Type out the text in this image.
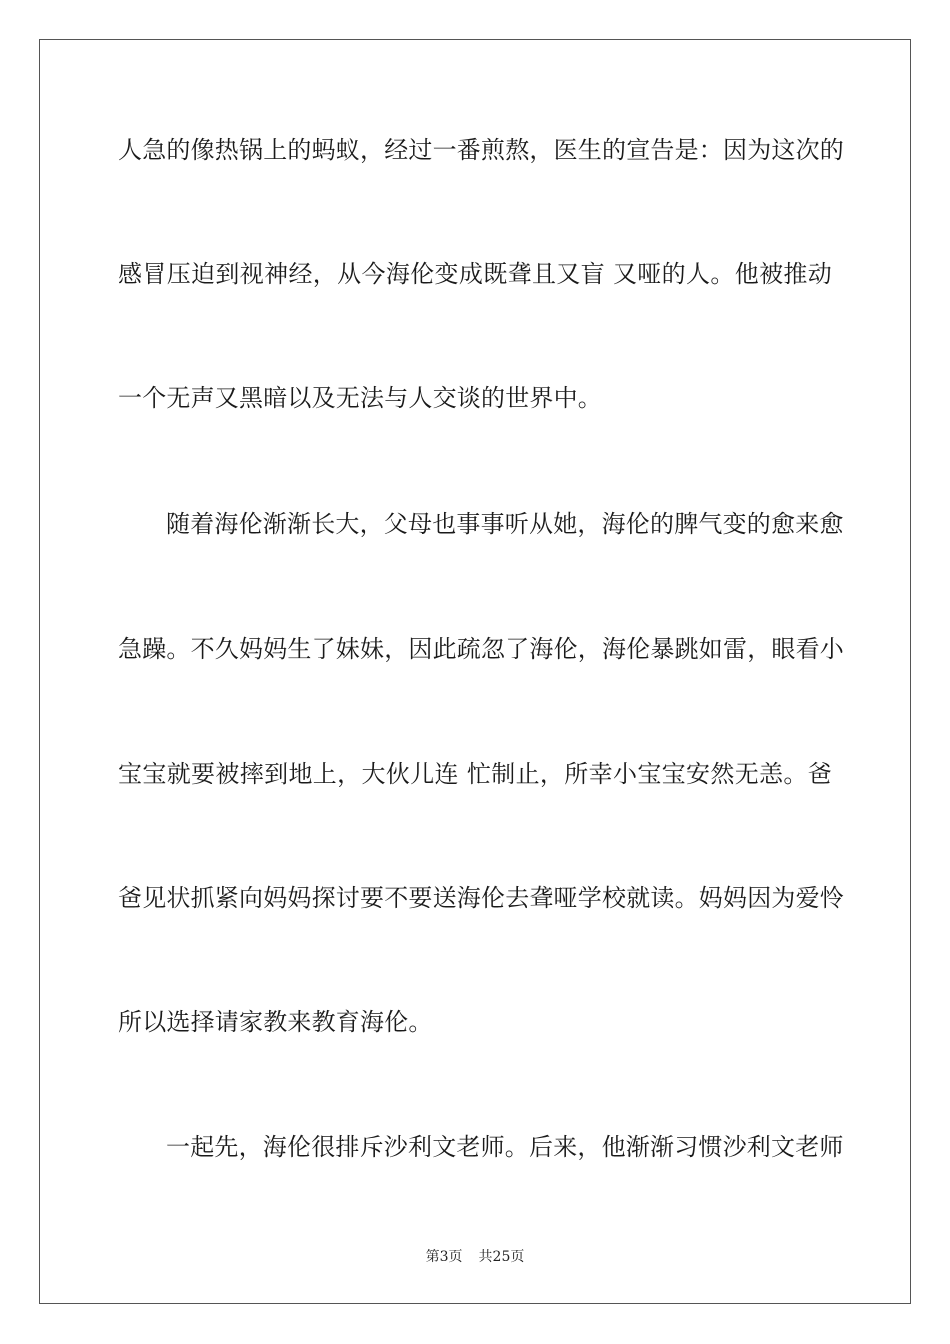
人急的像热锅上的蚂蚁，经过一番煎熬，医生的宣告是：因为这次的
感冒压迫到视神经，从今海伦变成既聋且又盲 又哑的人。他被推动
一个无声又黑暗以及无法与人交谈的世界中。
随着海伦渐渐长大，父母也事事听从她，海伦的脾气变的愈来愈
急躁。不久妈妈生了妹妹，因此疏忽了海伦，海伦暴跳如雷，眼看小
宝宝就要被摔到地上，大伙儿连 忙制止，所幸小宝宝安然无恙。爸
爸见状抓紧向妈妈探讨要不要送海伦去聋哑学校就读。妈妈因为爱怜
所以选择请家教来教育海伦。
一起先，海伦很排斥沙利文老师。后来，他渐渐习惯沙利文老师
第3页 共25页
